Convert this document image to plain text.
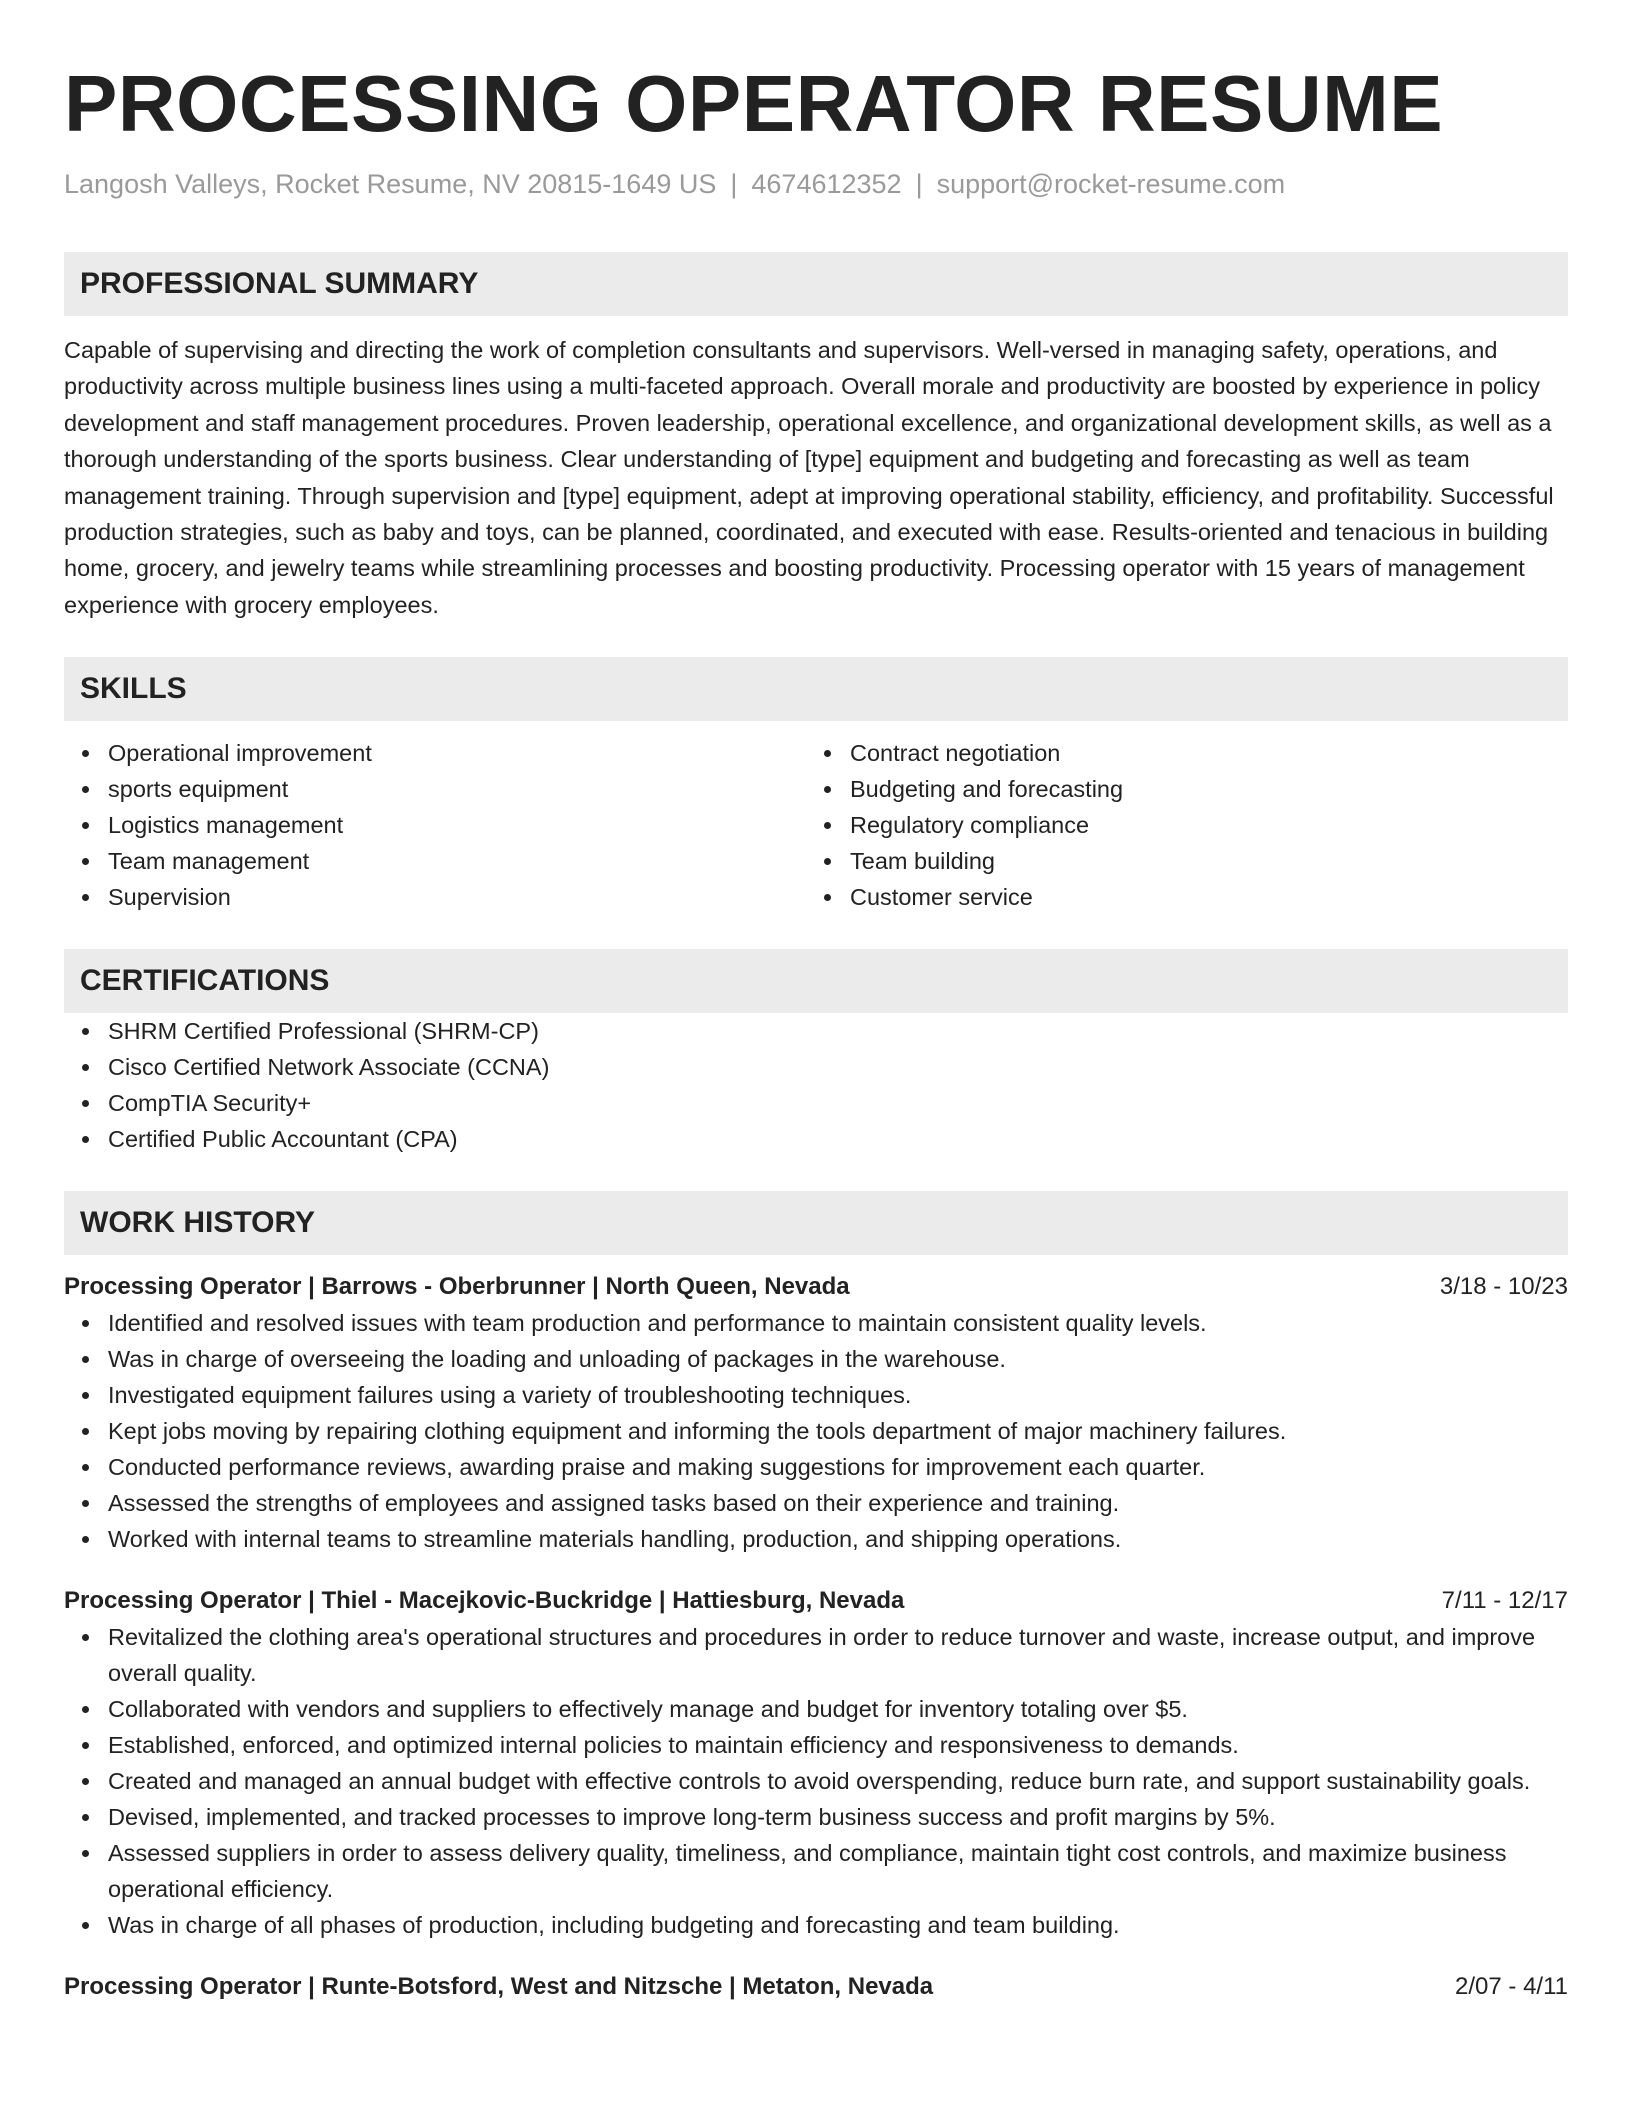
PROCESSING OPERATOR RESUME
Langosh Valleys, Rocket Resume, NV 20815-1649 US | 4674612352 | support@rocket-resume.com
PROFESSIONAL SUMMARY

Capable of supervising and directing the work of completion consultants and supervisors. Well-versed in managing safety, operations, and productivity across multiple business lines using a multi-faceted approach. Overall morale and productivity are boosted by experience in policy development and staff management procedures. Proven leadership, operational excellence, and organizational development skills, as well as a thorough understanding of the sports business. Clear understanding of [type] equipment and budgeting and forecasting as well as team management training. Through supervision and [type] equipment, adept at improving operational stability, efficiency, and profitability. Successful production strategies, such as baby and toys, can be planned, coordinated, and executed with ease. Results-oriented and tenacious in building home, grocery, and jewelry teams while streamlining processes and boosting productivity. Processing operator with 15 years of management experience with grocery employees.

SKILLS
Operational improvement
sports equipment
Logistics management
Team management
Supervision
Contract negotiation
Budgeting and forecasting
Regulatory compliance
Team building
Customer service
CERTIFICATIONS
SHRM Certified Professional (SHRM-CP)
Cisco Certified Network Associate (CCNA)
CompTIA Security+
Certified Public Accountant (CPA)
WORK HISTORY
Processing Operator | Barrows - Oberbrunner | North Queen, Nevada	3/18 - 10/23
Identified and resolved issues with team production and performance to maintain consistent quality levels.
Was in charge of overseeing the loading and unloading of packages in the warehouse.
Investigated equipment failures using a variety of troubleshooting techniques.
Kept jobs moving by repairing clothing equipment and informing the tools department of major machinery failures.
Conducted performance reviews, awarding praise and making suggestions for improvement each quarter.
Assessed the strengths of employees and assigned tasks based on their experience and training.
Worked with internal teams to streamline materials handling, production, and shipping operations.
Processing Operator | Thiel - Macejkovic-Buckridge | Hattiesburg, Nevada	7/11 - 12/17
Revitalized the clothing area's operational structures and procedures in order to reduce turnover and waste, increase output, and improve overall quality.
Collaborated with vendors and suppliers to effectively manage and budget for inventory totaling over $5.
Established, enforced, and optimized internal policies to maintain efficiency and responsiveness to demands.
Created and managed an annual budget with effective controls to avoid overspending, reduce burn rate, and support sustainability goals.
Devised, implemented, and tracked processes to improve long-term business success and profit margins by 5%.
Assessed suppliers in order to assess delivery quality, timeliness, and compliance, maintain tight cost controls, and maximize business operational efficiency.
Was in charge of all phases of production, including budgeting and forecasting and team building.
Processing Operator | Runte-Botsford, West and Nitzsche | Metaton, Nevada	2/07 - 4/11
